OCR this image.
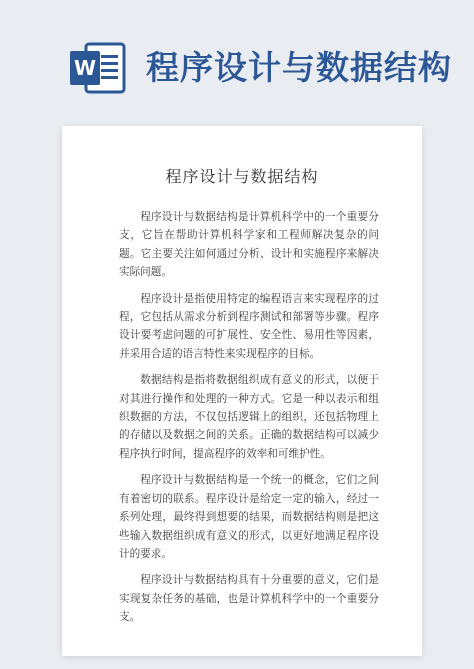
W 程序设计与数据结构
程序设计与数据结构

程序设计与数据结构是计算机科学中的一个重要分支，它旨在帮助计算机科学家和工程师解决复杂的问题。它主要关注如何通过分析、设计和实施程序来解决实际问题。

程序设计是指使用特定的编程语言来实现程序的过程，它包括从需求分析到程序测试和部署等步骤。程序设计要考虑问题的可扩展性、安全性、易用性等因素，并采用合适的语言特性来实现程序的目标。

数据结构是指将数据组织成有意义的形式，以便于对其进行操作和处理的一种方式。它是一种以表示和组织数据的方法，不仅包括逻辑上的组织，还包括物理上的存储以及数据之间的关系。正确的数据结构可以减少程序执行时间，提高程序的效率和可维护性。

程序设计与数据结构是一个统一的概念，它们之间有着密切的联系。程序设计是给定一定的输入，经过一系列处理，最终得到想要的结果，而数据结构则是把这些输入数据组织成有意义的形式，以更好地满足程序设计的要求。

程序设计与数据结构具有十分重要的意义，它们是实现复杂任务的基础，也是计算机科学中的一个重要分支。
